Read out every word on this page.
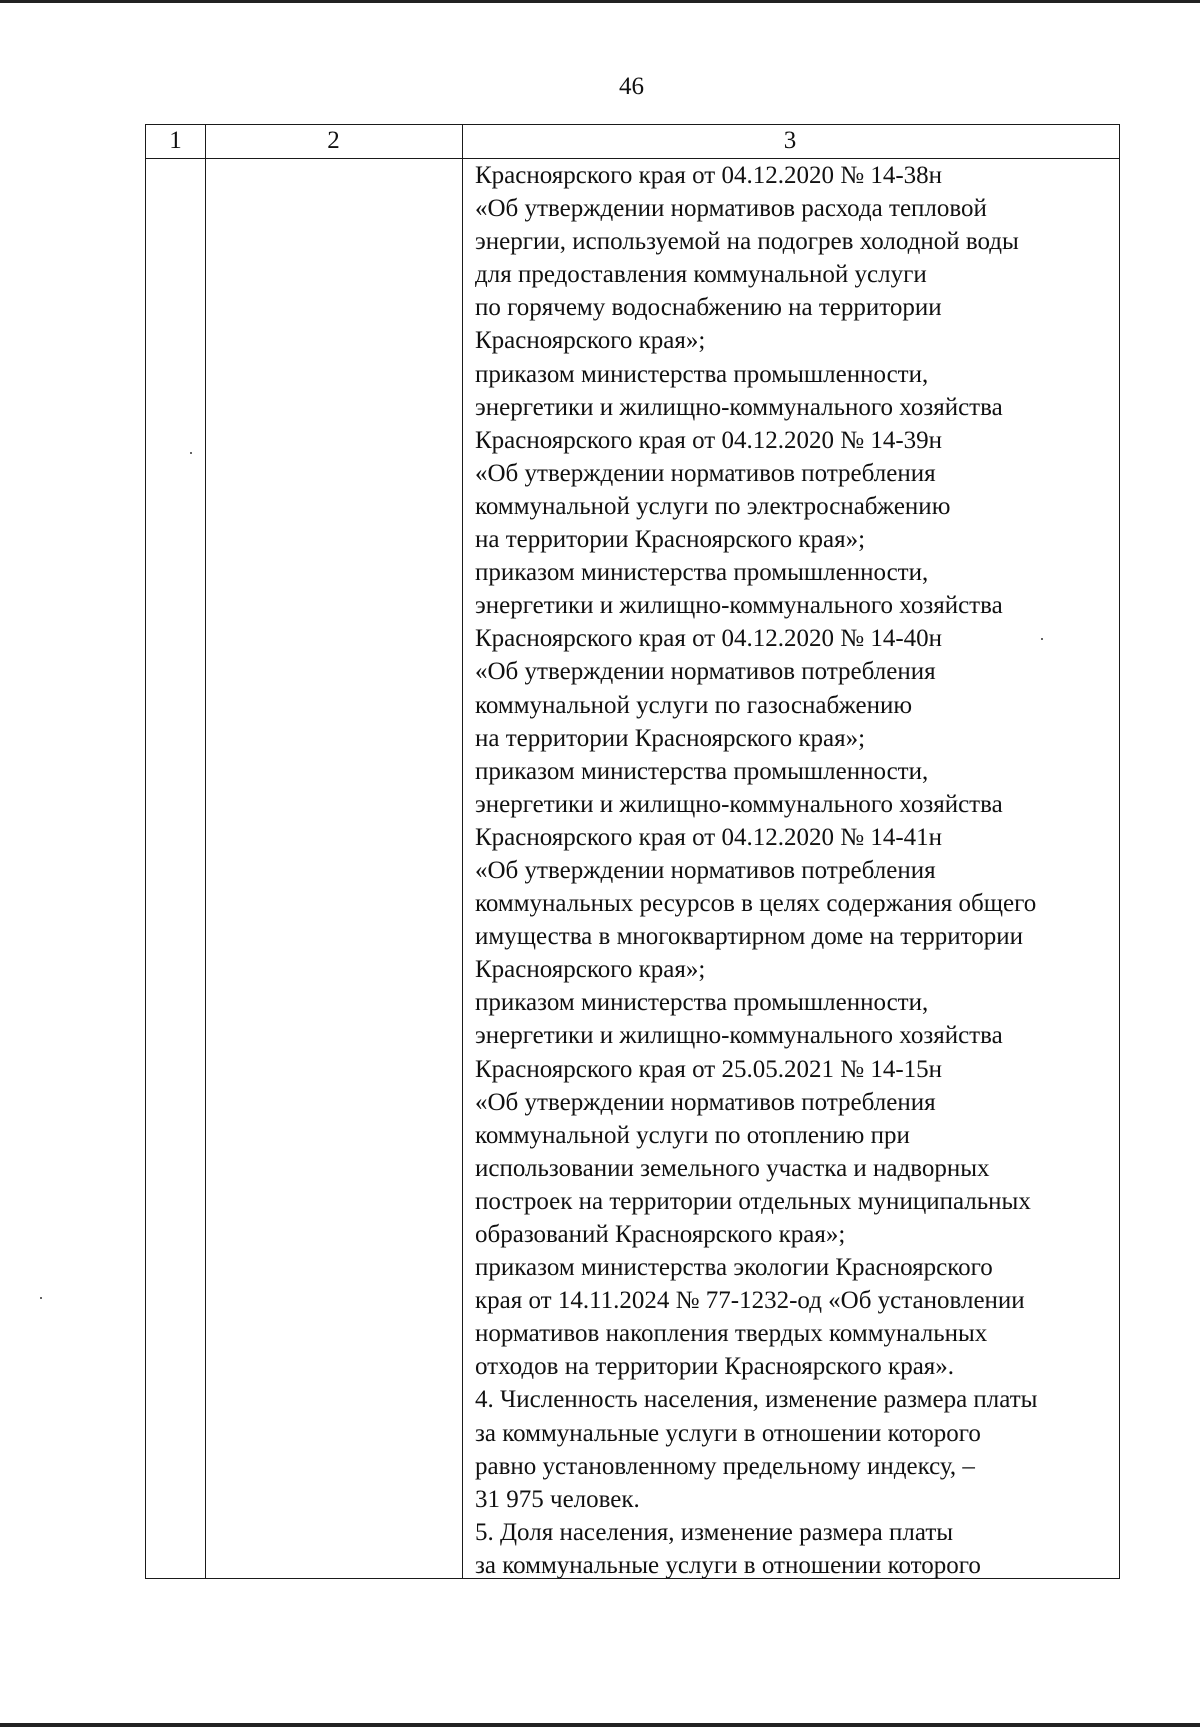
46
1	2	3
Красноярского края от 04.12.2020 № 14-38н
«Об утверждении нормативов расхода тепловой
энергии, используемой на подогрев холодной воды
для предоставления коммунальной услуги
по горячему водоснабжению на территории
Красноярского края»;
приказом министерства промышленности,
энергетики и жилищно-коммунального хозяйства
Красноярского края от 04.12.2020 № 14-39н
«Об утверждении нормативов потребления
коммунальной услуги по электроснабжению
на территории Красноярского края»;
приказом министерства промышленности,
энергетики и жилищно-коммунального хозяйства
Красноярского края от 04.12.2020 № 14-40н
«Об утверждении нормативов потребления
коммунальной услуги по газоснабжению
на территории Красноярского края»;
приказом министерства промышленности,
энергетики и жилищно-коммунального хозяйства
Красноярского края от 04.12.2020 № 14-41н
«Об утверждении нормативов потребления
коммунальных ресурсов в целях содержания общего
имущества в многоквартирном доме на территории
Красноярского края»;
приказом министерства промышленности,
энергетики и жилищно-коммунального хозяйства
Красноярского края от 25.05.2021 № 14-15н
«Об утверждении нормативов потребления
коммунальной услуги по отоплению при
использовании земельного участка и надворных
построек на территории отдельных муниципальных
образований Красноярского края»;
приказом министерства экологии Красноярского
края от 14.11.2024 № 77-1232-од «Об установлении
нормативов накопления твердых коммунальных
отходов на территории Красноярского края».
4. Численность населения, изменение размера платы
за коммунальные услуги в отношении которого
равно установленному предельному индексу, –
31 975 человек.
5. Доля населения, изменение размера платы
за коммунальные услуги в отношении которого
